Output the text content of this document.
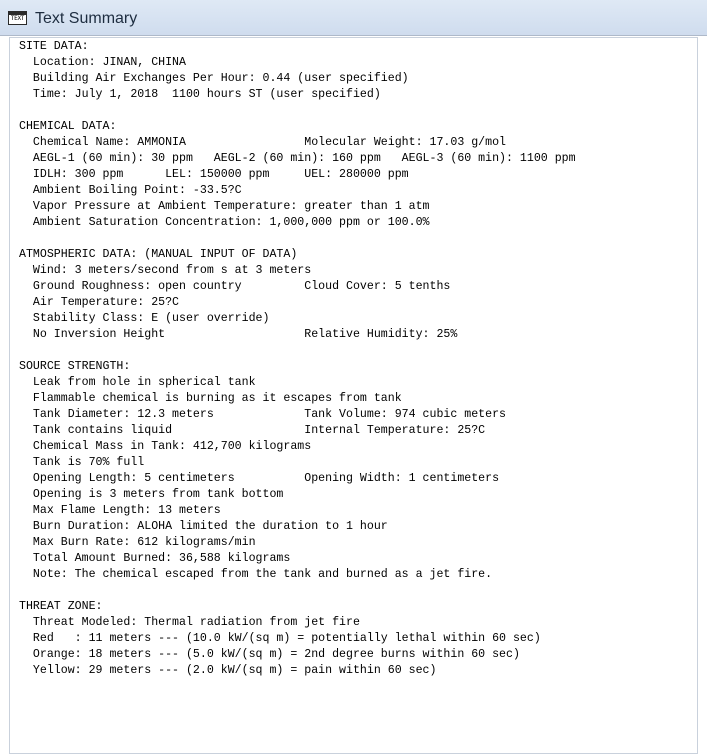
TEXT Text Summary
SITE DATA:
Location: JINAN, CHINA
Building Air Exchanges Per Hour: 0.44 (user specified)
Time: July 1, 2018  1100 hours ST (user specified)
CHEMICAL DATA:
Chemical Name: AMMONIA                 Molecular Weight: 17.03 g/mol
AEGL-1 (60 min): 30 ppm   AEGL-2 (60 min): 160 ppm   AEGL-3 (60 min): 1100 ppm
IDLH: 300 ppm      LEL: 150000 ppm     UEL: 280000 ppm
Ambient Boiling Point: -33.5?C
Vapor Pressure at Ambient Temperature: greater than 1 atm
Ambient Saturation Concentration: 1,000,000 ppm or 100.0%
ATMOSPHERIC DATA: (MANUAL INPUT OF DATA)
Wind: 3 meters/second from s at 3 meters
Ground Roughness: open country         Cloud Cover: 5 tenths
Air Temperature: 25?C
Stability Class: E (user override)
No Inversion Height                    Relative Humidity: 25%
SOURCE STRENGTH:
Leak from hole in spherical tank
Flammable chemical is burning as it escapes from tank
Tank Diameter: 12.3 meters             Tank Volume: 974 cubic meters
Tank contains liquid                   Internal Temperature: 25?C
Chemical Mass in Tank: 412,700 kilograms
Tank is 70% full
Opening Length: 5 centimeters          Opening Width: 1 centimeters
Opening is 3 meters from tank bottom
Max Flame Length: 13 meters
Burn Duration: ALOHA limited the duration to 1 hour
Max Burn Rate: 612 kilograms/min
Total Amount Burned: 36,588 kilograms
Note: The chemical escaped from the tank and burned as a jet fire.
THREAT ZONE:
Threat Modeled: Thermal radiation from jet fire
Red   : 11 meters --- (10.0 kW/(sq m) = potentially lethal within 60 sec)
Orange: 18 meters --- (5.0 kW/(sq m) = 2nd degree burns within 60 sec)
Yellow: 29 meters --- (2.0 kW/(sq m) = pain within 60 sec)
